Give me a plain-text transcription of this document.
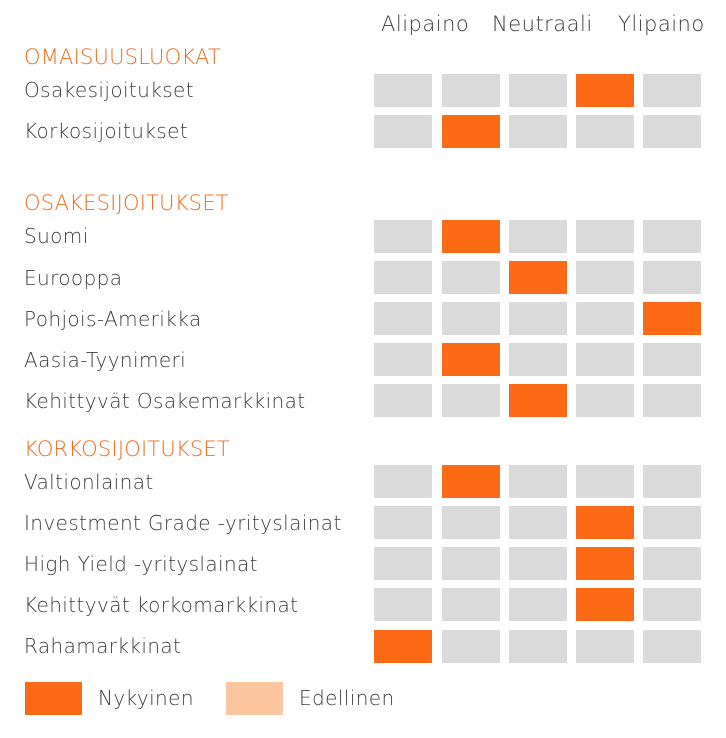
Alipaino Neutraali Ylipaino
OMAISUUSLUOKAT
Osakesijoitukset
Korkosijoitukset
OSAKESIJOITUKSET
Suomi
Eurooppa
Pohjois-Amerikka
Aasia-Tyynimeri
Kehittyvät Osakemarkkinat
KORKOSIJOITUKSET
Valtionlainat
Investment Grade -yrityslainat
High Yield -yrityslainat
Kehittyvät korkomarkkinat
Rahamarkkinat
Nykyinen	Edellinen
